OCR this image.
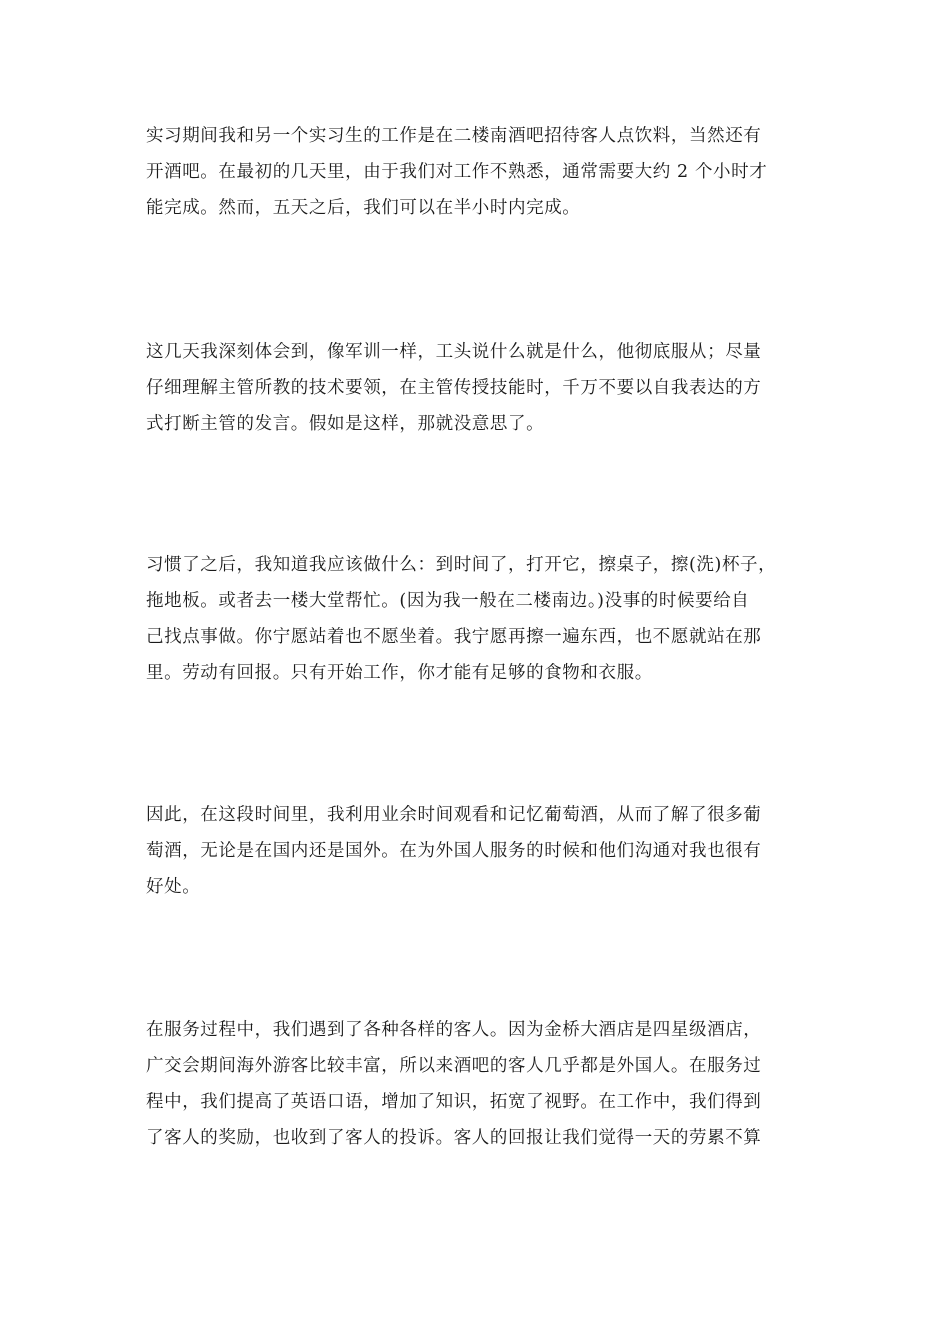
实习期间我和另一个实习生的工作是在二楼南酒吧招待客人点饮料，当然还有
开酒吧。在最初的几天里，由于我们对工作不熟悉，通常需要大约 2 个小时才
能完成。然而，五天之后，我们可以在半小时内完成。
这几天我深刻体会到，像军训一样，工头说什么就是什么，他彻底服从；尽量
仔细理解主管所教的技术要领，在主管传授技能时，千万不要以自我表达的方
式打断主管的发言。假如是这样，那就没意思了。
习惯了之后，我知道我应该做什么：到时间了，打开它，擦桌子，擦(洗)杯子，
拖地板。或者去一楼大堂帮忙。(因为我一般在二楼南边。)没事的时候要给自
己找点事做。你宁愿站着也不愿坐着。我宁愿再擦一遍东西，也不愿就站在那
里。劳动有回报。只有开始工作，你才能有足够的食物和衣服。
因此，在这段时间里，我利用业余时间观看和记忆葡萄酒，从而了解了很多葡
萄酒，无论是在国内还是国外。在为外国人服务的时候和他们沟通对我也很有
好处。
在服务过程中，我们遇到了各种各样的客人。因为金桥大酒店是四星级酒店，
广交会期间海外游客比较丰富，所以来酒吧的客人几乎都是外国人。在服务过
程中，我们提高了英语口语，增加了知识，拓宽了视野。在工作中，我们得到
了客人的奖励，也收到了客人的投诉。客人的回报让我们觉得一天的劳累不算
